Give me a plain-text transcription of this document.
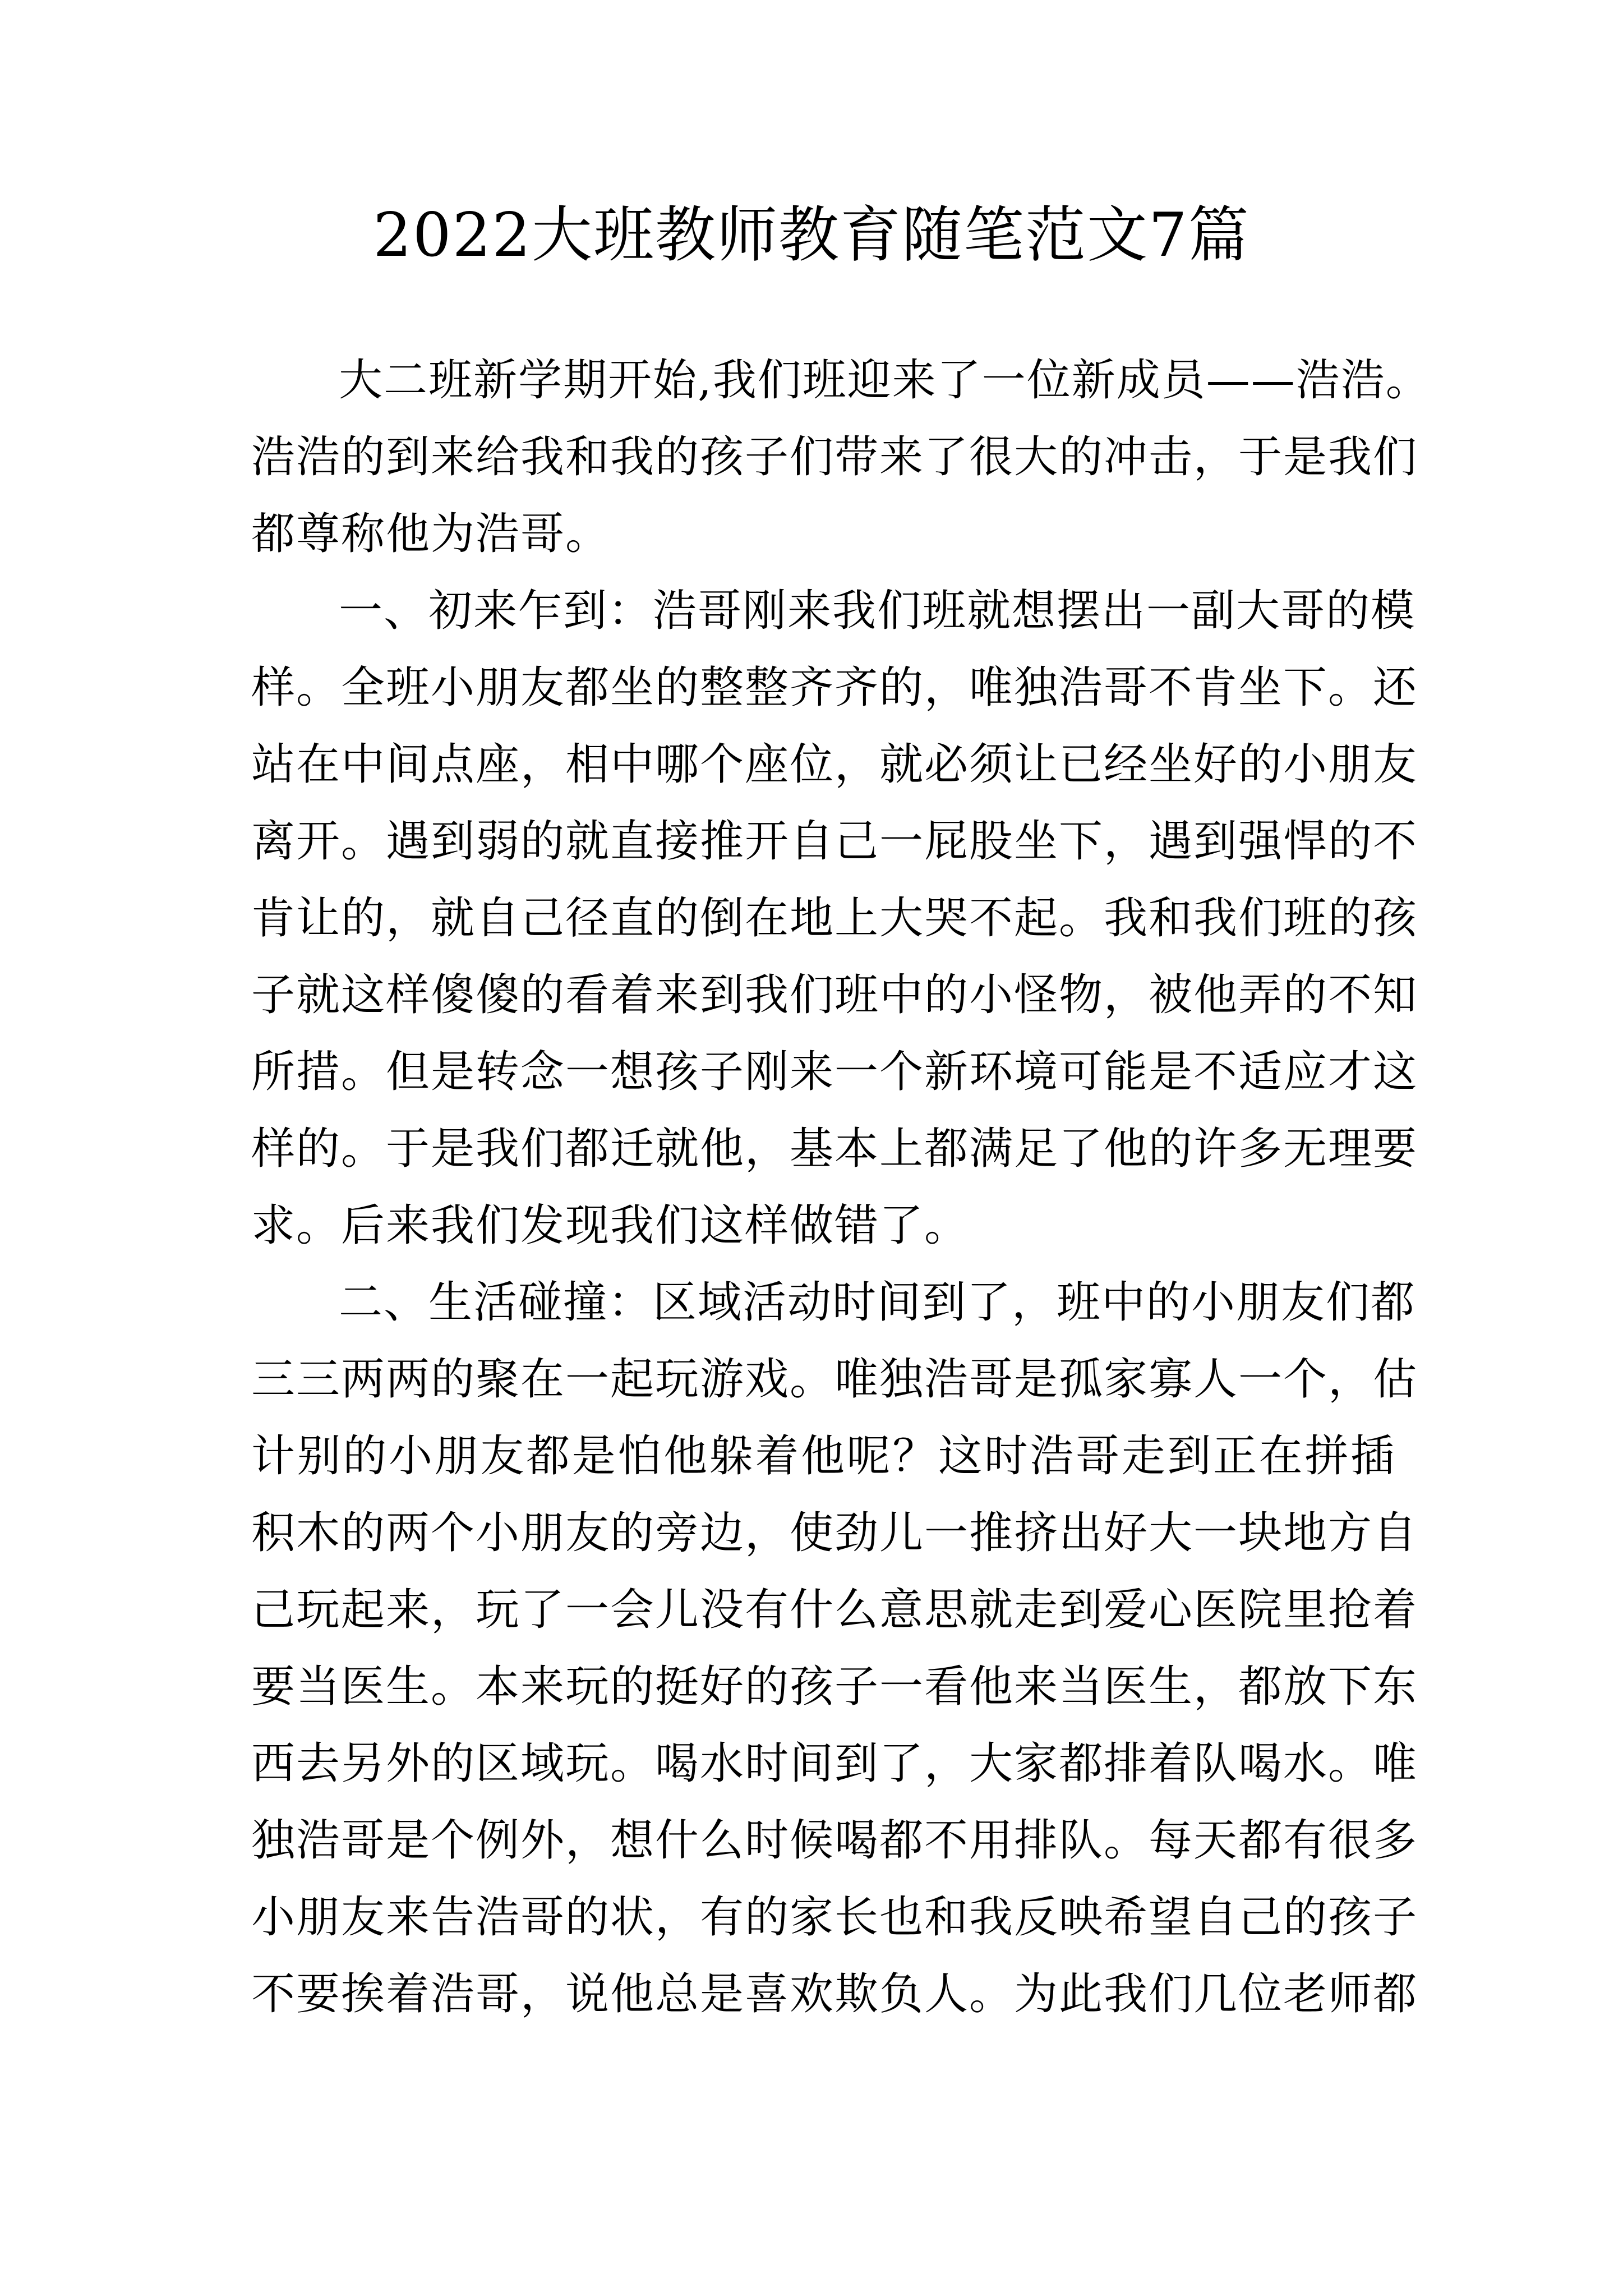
2022大班教师教育随笔范文7篇
大二班新学期开始,我们班迎来了一位新成员——浩浩。
浩浩的到来给我和我的孩子们带来了很大的冲击，于是我们
都尊称他为浩哥。
一、初来乍到：浩哥刚来我们班就想摆出一副大哥的模
样。全班小朋友都坐的整整齐齐的，唯独浩哥不肯坐下。还
站在中间点座，相中哪个座位，就必须让已经坐好的小朋友
离开。遇到弱的就直接推开自己一屁股坐下，遇到强悍的不
肯让的，就自己径直的倒在地上大哭不起。我和我们班的孩
子就这样傻傻的看着来到我们班中的小怪物，被他弄的不知
所措。但是转念一想孩子刚来一个新环境可能是不适应才这
样的。于是我们都迁就他，基本上都满足了他的许多无理要
求。后来我们发现我们这样做错了。
二、生活碰撞：区域活动时间到了，班中的小朋友们都
三三两两的聚在一起玩游戏。唯独浩哥是孤家寡人一个，估
计别的小朋友都是怕他躲着他呢？这时浩哥走到正在拼插
积木的两个小朋友的旁边，使劲儿一推挤出好大一块地方自
己玩起来，玩了一会儿没有什么意思就走到爱心医院里抢着
要当医生。本来玩的挺好的孩子一看他来当医生，都放下东
西去另外的区域玩。喝水时间到了，大家都排着队喝水。唯
独浩哥是个例外，想什么时候喝都不用排队。每天都有很多
小朋友来告浩哥的状，有的家长也和我反映希望自己的孩子
不要挨着浩哥，说他总是喜欢欺负人。为此我们几位老师都
